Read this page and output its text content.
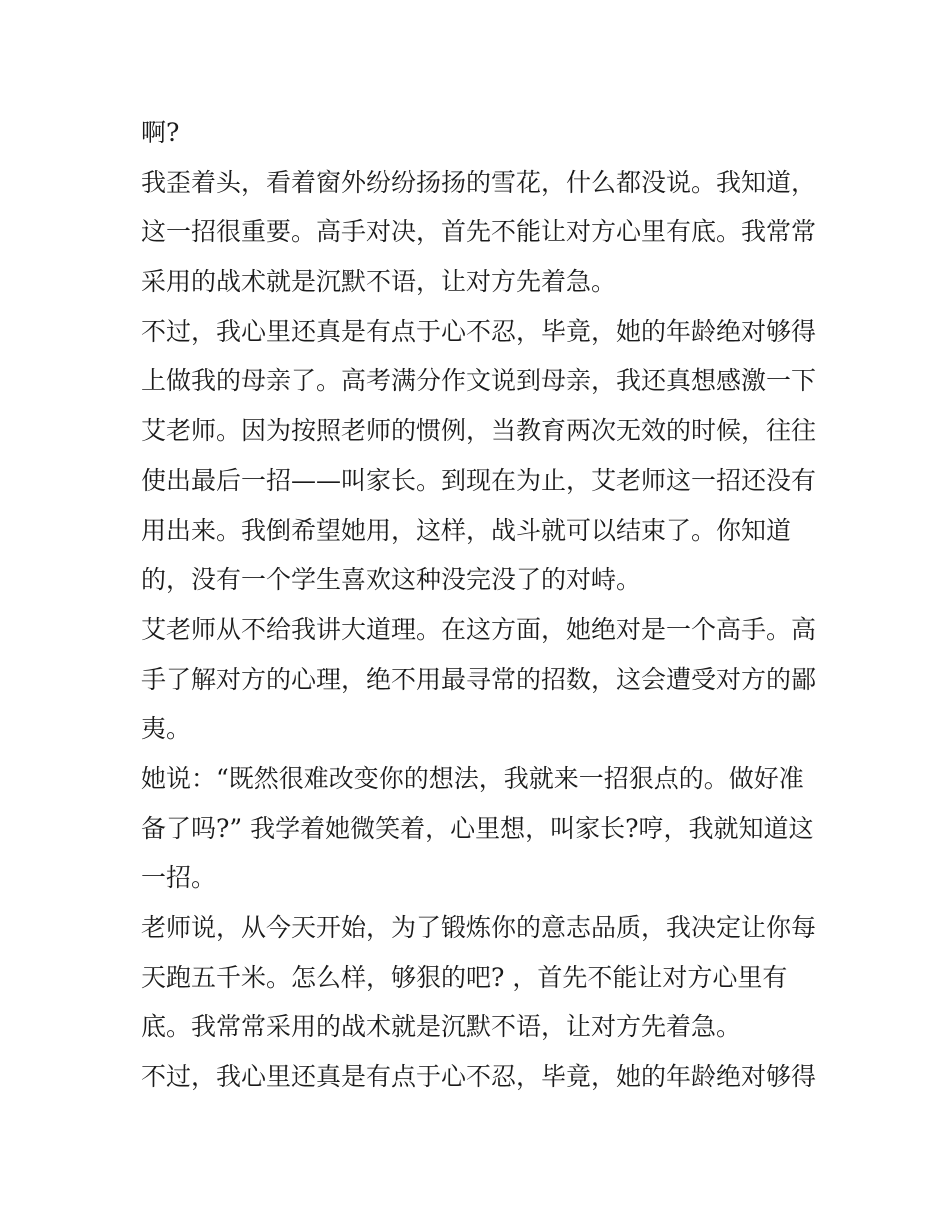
啊?
我歪着头，看着窗外纷纷扬扬的雪花，什么都没说。我知道，
这一招很重要。高手对决，首先不能让对方心里有底。我常常
采用的战术就是沉默不语，让对方先着急。
不过，我心里还真是有点于心不忍，毕竟，她的年龄绝对够得
上做我的母亲了。高考满分作文说到母亲，我还真想感激一下
艾老师。因为按照老师的惯例，当教育两次无效的时候，往往
使出最后一招——叫家长。到现在为止，艾老师这一招还没有
用出来。我倒希望她用，这样，战斗就可以结束了。你知道
的，没有一个学生喜欢这种没完没了的对峙。
艾老师从不给我讲大道理。在这方面，她绝对是一个高手。高
手了解对方的心理，绝不用最寻常的招数，这会遭受对方的鄙
夷。
她说：“既然很难改变你的想法，我就来一招狠点的。做好准
备了吗?” 我学着她微笑着，心里想，叫家长?哼，我就知道这
一招。
老师说，从今天开始，为了锻炼你的意志品质，我决定让你每
天跑五千米。怎么样，够狠的吧? ，首先不能让对方心里有
底。我常常采用的战术就是沉默不语，让对方先着急。
不过，我心里还真是有点于心不忍，毕竟，她的年龄绝对够得
